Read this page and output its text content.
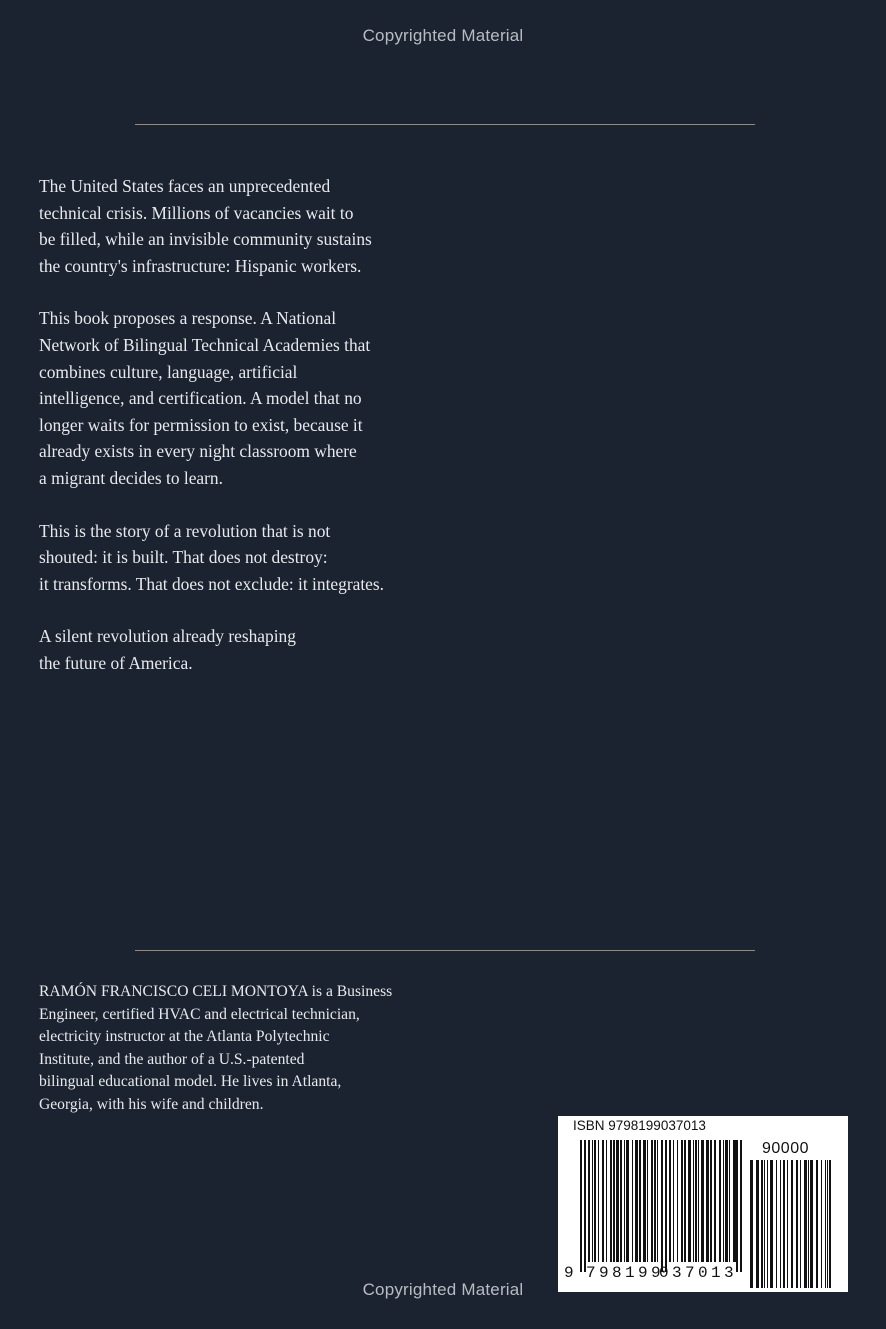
Copyrighted Material

The United States faces an unprecedented
technical crisis. Millions of vacancies wait to
be filled, while an invisible community sustains
the country's infrastructure: Hispanic workers.

This book proposes a response. A National
Network of Bilingual Technical Academies that
combines culture, language, artificial
intelligence, and certification. A model that no
longer waits for permission to exist, because it
already exists in every night classroom where
a migrant decides to learn.

This is the story of a revolution that is not
shouted: it is built. That does not destroy:
it transforms. That does not exclude: it integrates.

A silent revolution already reshaping
the future of America.

RAMÓN FRANCISCO CELI MONTOYA is a Business
Engineer, certified HVAC and electrical technician,
electricity instructor at the Atlanta Polytechnic
Institute, and the author of a U.S.-patented
bilingual educational model. He lives in Atlanta,
Georgia, with his wife and children.
ISBN 9798199037013
90000
9 798199
037013
Copyrighted Material
